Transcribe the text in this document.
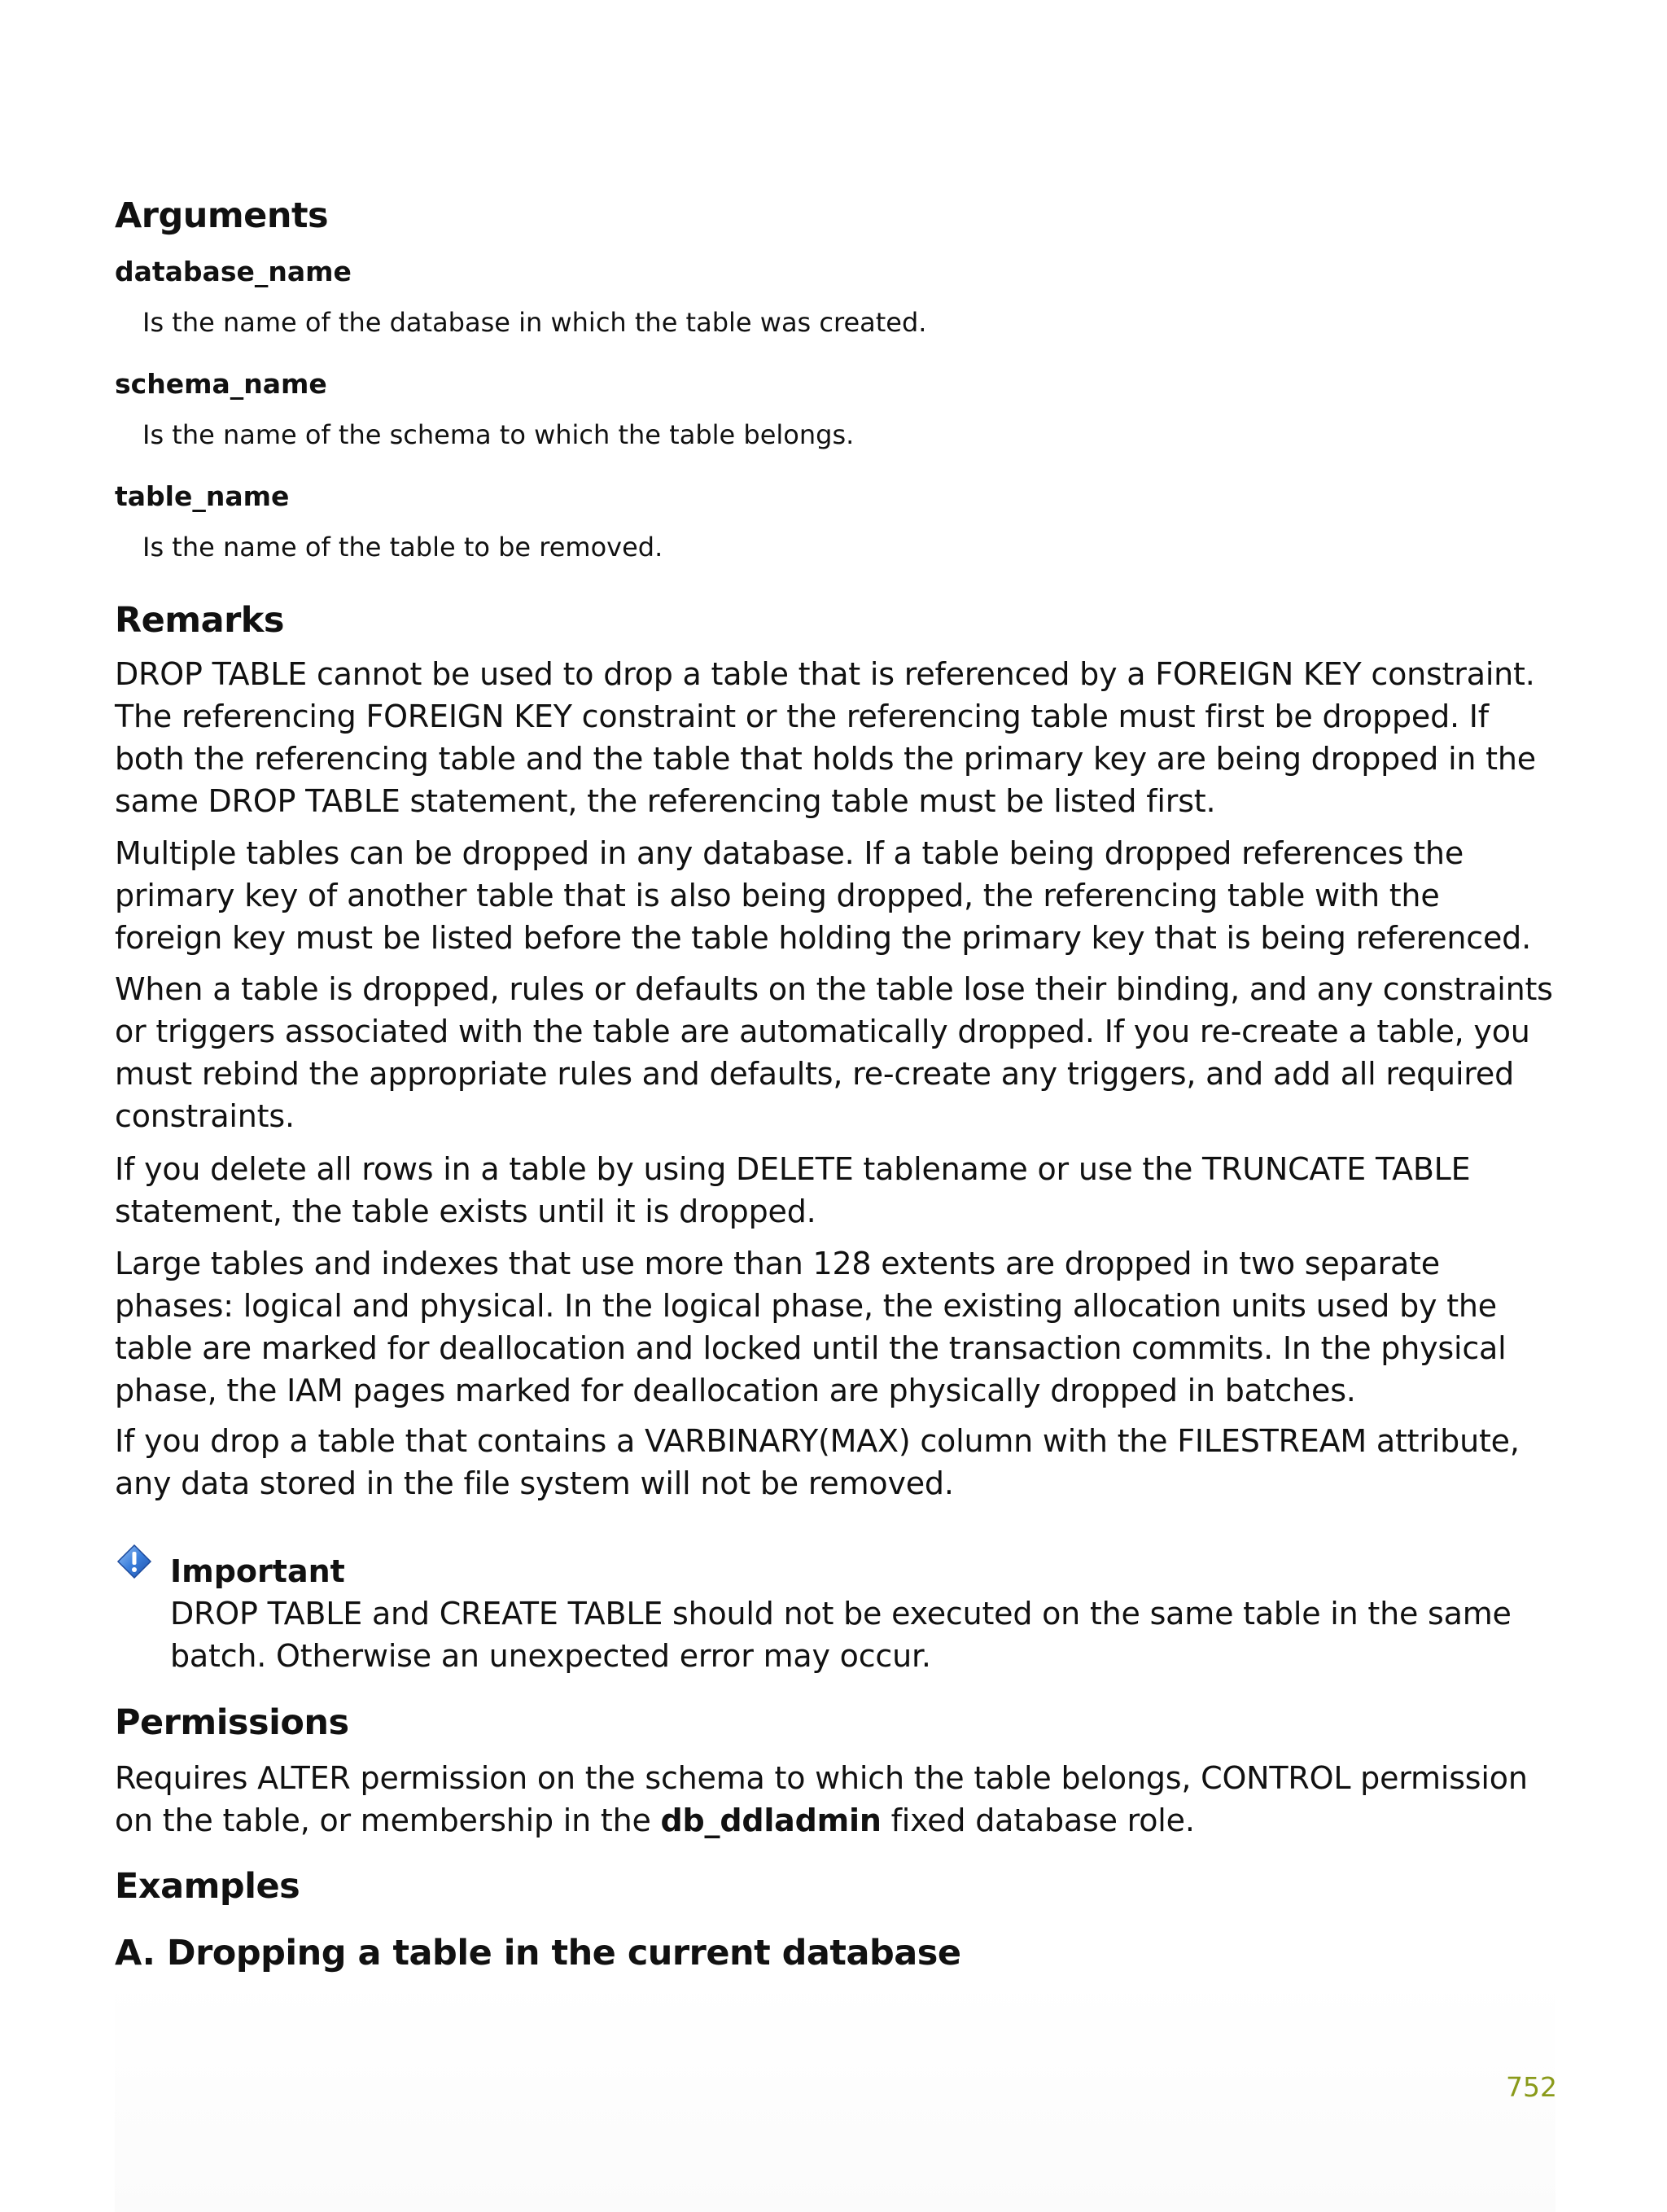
Arguments

database_name

Is the name of the database in which the table was created.

schema_name

Is the name of the schema to which the table belongs.

table_name

Is the name of the table to be removed.

Remarks

DROP TABLE cannot be used to drop a table that is referenced by a FOREIGN KEY constraint. The referencing FOREIGN KEY constraint or the referencing table must first be dropped. If both the referencing table and the table that holds the primary key are being dropped in the same DROP TABLE statement, the referencing table must be listed first.

Multiple tables can be dropped in any database. If a table being dropped references the primary key of another table that is also being dropped, the referencing table with the foreign key must be listed before the table holding the primary key that is being referenced.

When a table is dropped, rules or defaults on the table lose their binding, and any constraints or triggers associated with the table are automatically dropped. If you re-create a table, you must rebind the appropriate rules and defaults, re-create any triggers, and add all required constraints.

If you delete all rows in a table by using DELETE tablename or use the TRUNCATE TABLE statement, the table exists until it is dropped.

Large tables and indexes that use more than 128 extents are dropped in two separate phases: logical and physical. In the logical phase, the existing allocation units used by the table are marked for deallocation and locked until the transaction commits. In the physical phase, the IAM pages marked for deallocation are physically dropped in batches.

If you drop a table that contains a VARBINARY(MAX) column with the FILESTREAM attribute, any data stored in the file system will not be removed.

Important

DROP TABLE and CREATE TABLE should not be executed on the same table in the same batch. Otherwise an unexpected error may occur.

Permissions

Requires ALTER permission on the schema to which the table belongs, CONTROL permission on the table, or membership in the db_ddladmin fixed database role.

Examples
A. Dropping a table in the current database
752
